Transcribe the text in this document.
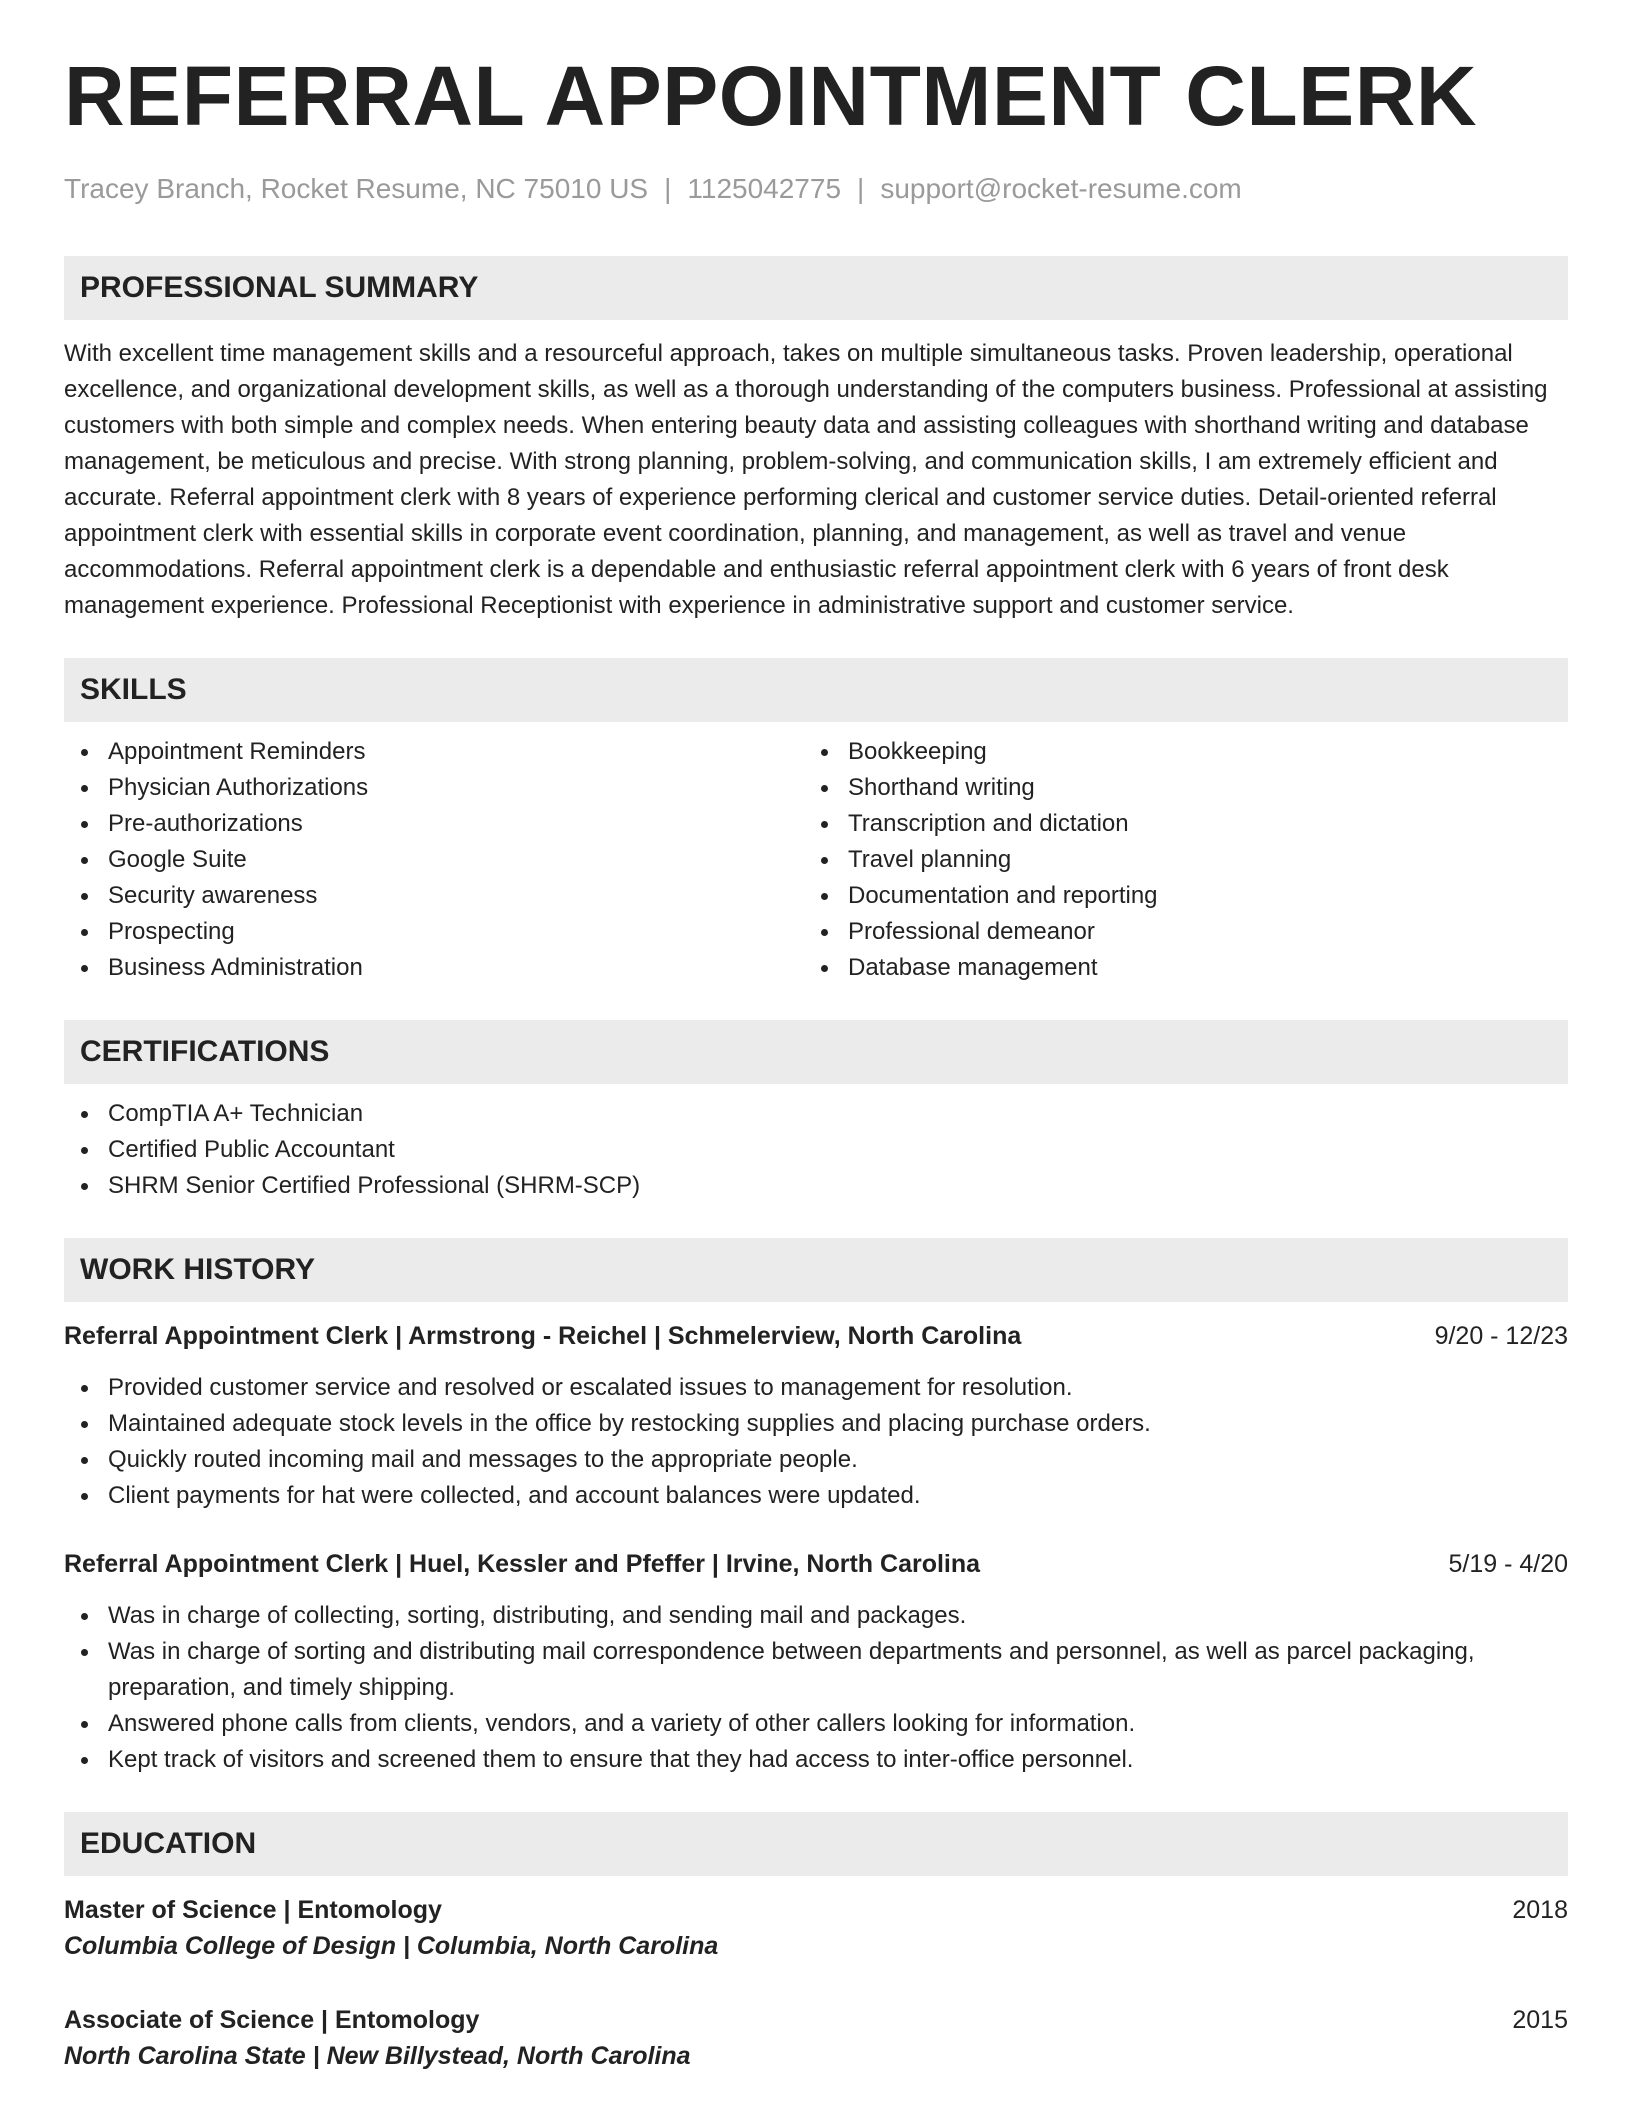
REFERRAL APPOINTMENT CLERK
Tracey Branch, Rocket Resume, NC 75010 US | 1125042775 | support@rocket-resume.com
PROFESSIONAL SUMMARY
With excellent time management skills and a resourceful approach, takes on multiple simultaneous tasks. Proven leadership, operational excellence, and organizational development skills, as well as a thorough understanding of the computers business. Professional at assisting customers with both simple and complex needs. When entering beauty data and assisting colleagues with shorthand writing and database management, be meticulous and precise. With strong planning, problem-solving, and communication skills, I am extremely efficient and accurate. Referral appointment clerk with 8 years of experience performing clerical and customer service duties. Detail-oriented referral appointment clerk with essential skills in corporate event coordination, planning, and management, as well as travel and venue accommodations. Referral appointment clerk is a dependable and enthusiastic referral appointment clerk with 6 years of front desk management experience. Professional Receptionist with experience in administrative support and customer service.
SKILLS
Appointment Reminders
Physician Authorizations
Pre-authorizations
Google Suite
Security awareness
Prospecting
Business Administration
Bookkeeping
Shorthand writing
Transcription and dictation
Travel planning
Documentation and reporting
Professional demeanor
Database management
CERTIFICATIONS
CompTIA A+ Technician
Certified Public Accountant
SHRM Senior Certified Professional (SHRM-SCP)
WORK HISTORY
Referral Appointment Clerk | Armstrong - Reichel | Schmelerview, North Carolina	9/20 - 12/23
Provided customer service and resolved or escalated issues to management for resolution.
Maintained adequate stock levels in the office by restocking supplies and placing purchase orders.
Quickly routed incoming mail and messages to the appropriate people.
Client payments for hat were collected, and account balances were updated.
Referral Appointment Clerk | Huel, Kessler and Pfeffer | Irvine, North Carolina	5/19 - 4/20
Was in charge of collecting, sorting, distributing, and sending mail and packages.
Was in charge of sorting and distributing mail correspondence between departments and personnel, as well as parcel packaging, preparation, and timely shipping.
Answered phone calls from clients, vendors, and a variety of other callers looking for information.
Kept track of visitors and screened them to ensure that they had access to inter-office personnel.
EDUCATION
Master of Science | Entomology	2018
Columbia College of Design | Columbia, North Carolina
Associate of Science | Entomology	2015
North Carolina State | New Billystead, North Carolina
